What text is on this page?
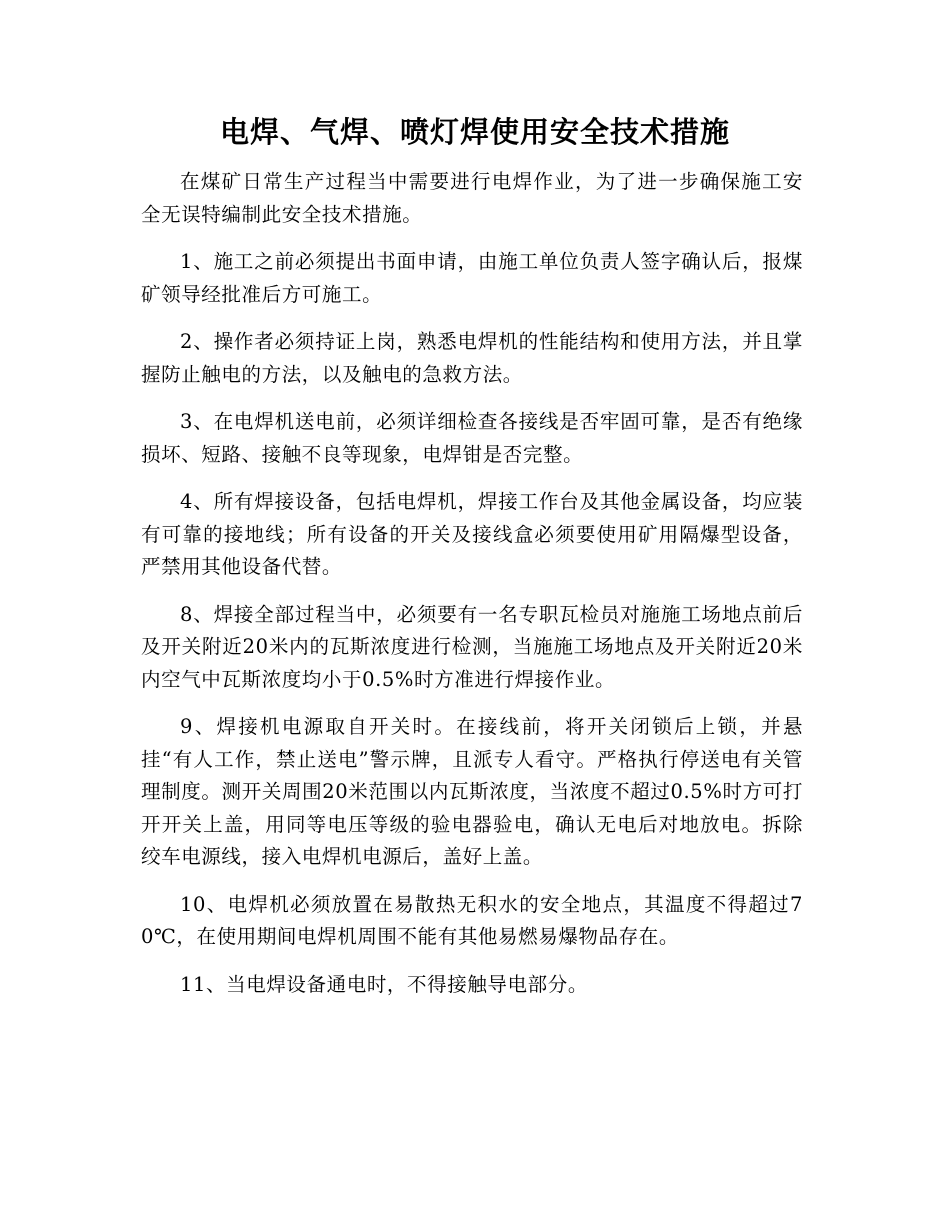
电焊、气焊、喷灯焊使用安全技术措施

在煤矿日常生产过程当中需要进行电焊作业，为了进一步确保施工安全无误特编制此安全技术措施。

1、施工之前必须提出书面申请，由施工单位负责人签字确认后，报煤矿领导经批准后方可施工。

2、操作者必须持证上岗，熟悉电焊机的性能结构和使用方法，并且掌握防止触电的方法，以及触电的急救方法。

3、在电焊机送电前，必须详细检查各接线是否牢固可靠，是否有绝缘损坏、短路、接触不良等现象，电焊钳是否完整。

4、所有焊接设备，包括电焊机，焊接工作台及其他金属设备，均应装有可靠的接地线；所有设备的开关及接线盒必须要使用矿用隔爆型设备，严禁用其他设备代替。

8、焊接全部过程当中，必须要有一名专职瓦检员对施施工场地点前后及开关附近20米内的瓦斯浓度进行检测，当施施工场地点及开关附近20米内空气中瓦斯浓度均小于0.5%时方准进行焊接作业。

9、焊接机电源取自开关时。在接线前，将开关闭锁后上锁，并悬挂“有人工作，禁止送电”警示牌，且派专人看守。严格执行停送电有关管理制度。测开关周围20米范围以内瓦斯浓度，当浓度不超过0.5%时方可打开开关上盖，用同等电压等级的验电器验电，确认无电后对地放电。拆除绞车电源线，接入电焊机电源后，盖好上盖。

10、电焊机必须放置在易散热无积水的安全地点，其温度不得超过70℃，在使用期间电焊机周围不能有其他易燃易爆物品存在。

11、当电焊设备通电时，不得接触导电部分。
